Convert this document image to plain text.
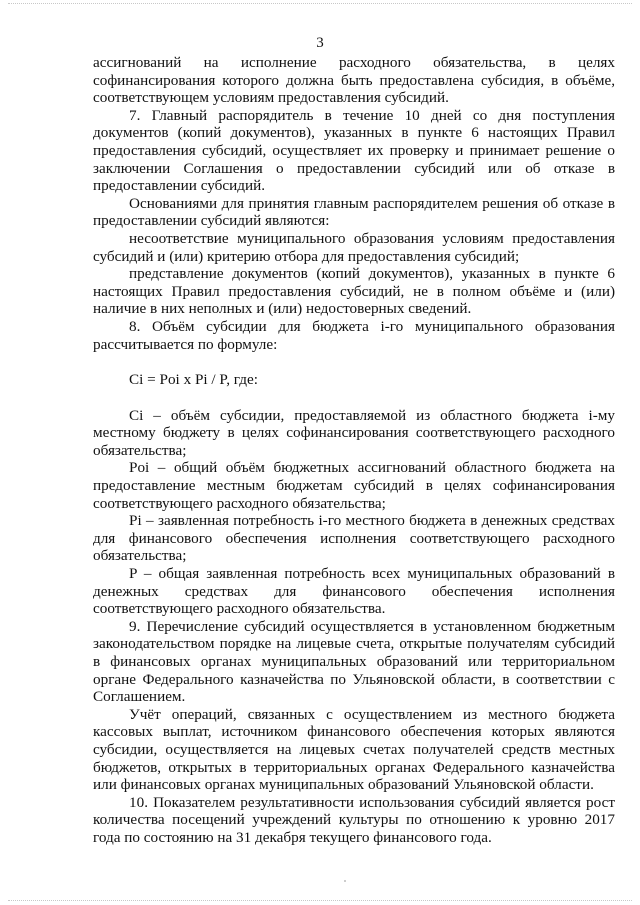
3

ассигнований на исполнение расходного обязательства, в целях софинансирования которого должна быть предоставлена субсидия, в объёме, соответствующем условиям предоставления субсидий.

7. Главный распорядитель в течение 10 дней со дня поступления документов (копий документов), указанных в пункте 6 настоящих Правил предоставления субсидий, осуществляет их проверку и принимает решение о заключении Соглашения о предоставлении субсидий или об отказе в предоставлении субсидий.

Основаниями для принятия главным распорядителем решения об отказе в предоставлении субсидий являются:

несоответствие муниципального образования условиям предоставления субсидий и (или) критерию отбора для предоставления субсидий;

представление документов (копий документов), указанных в пункте 6 настоящих Правил предоставления субсидий, не в полном объёме и (или) наличие в них неполных и (или) недостоверных сведений.

8. Объём субсидии для бюджета i-го муниципального образования рассчитывается по формуле:

Ci = Poi x Pi / P, где:

Ci – объём субсидии, предоставляемой из областного бюджета i-му местному бюджету в целях софинансирования соответствующего расходного обязательства;

Poi – общий объём бюджетных ассигнований областного бюджета на предоставление местным бюджетам субсидий в целях софинансирования соответствующего расходного обязательства;

Pi – заявленная потребность i-го местного бюджета в денежных средствах для финансового обеспечения исполнения соответствующего расходного обязательства;

P – общая заявленная потребность всех муниципальных образований в денежных средствах для финансового обеспечения исполнения соответствующего расходного обязательства.

9. Перечисление субсидий осуществляется в установленном бюджетным законодательством порядке на лицевые счета, открытые получателям субсидий в финансовых органах муниципальных образований или территориальном органе Федерального казначейства по Ульяновской области, в соответствии с Соглашением.

Учёт операций, связанных с осуществлением из местного бюджета кассовых выплат, источником финансового обеспечения которых являются субсидии, осуществляется на лицевых счетах получателей средств местных бюджетов, открытых в территориальных органах Федерального казначейства или финансовых органах муниципальных образований Ульяновской области.

10. Показателем результативности использования субсидий является рост количества посещений учреждений культуры по отношению к уровню 2017 года по состоянию на 31 декабря текущего финансового года.
